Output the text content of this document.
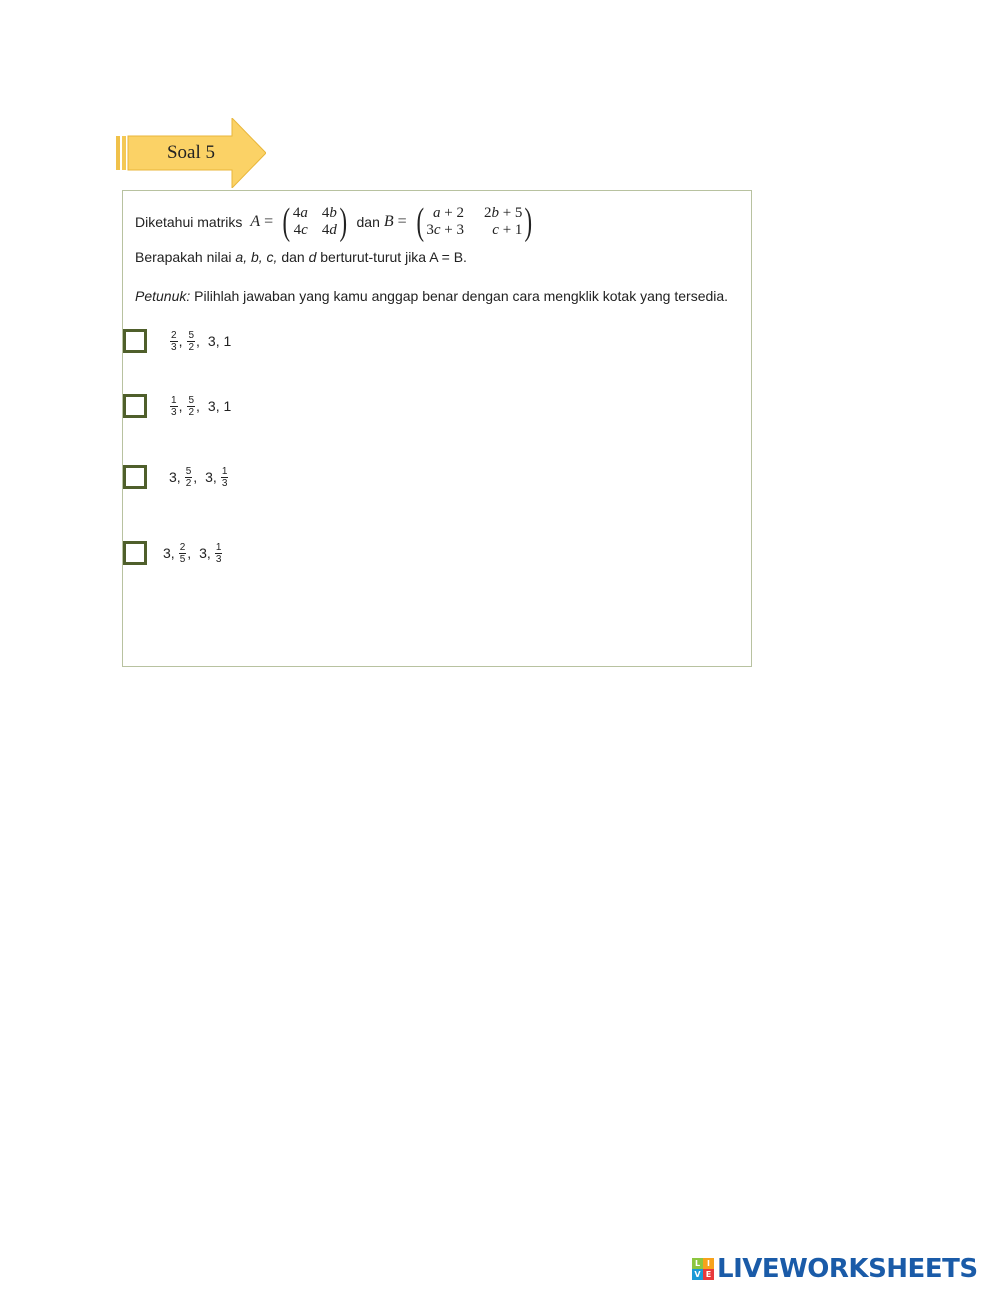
Soal 5
Diketahui matriks A = ( 4a 4b
4c 4d ) dan B = ( a + 2 2b + 5
3c + 3	c + 1 )
Berapakah nilai a, b, c, dan d berturut-turut jika A = B.
Petunuk: Pilihlah jawaban yang kamu anggap benar dengan cara mengklik kotak yang tersedia.
$\frac{2}{3}$ , $\frac{5}{2}$ , 3, 1
$\frac{1}{3}$ , $\frac{5}{2}$ , 3, 1
3, $\frac{5}{2}$ , 3, $\frac{1}{3}$
3, $\frac{2}{5}$ , 3, $\frac{1}{3}$
L I
V E LIVEWORKSHEETS
